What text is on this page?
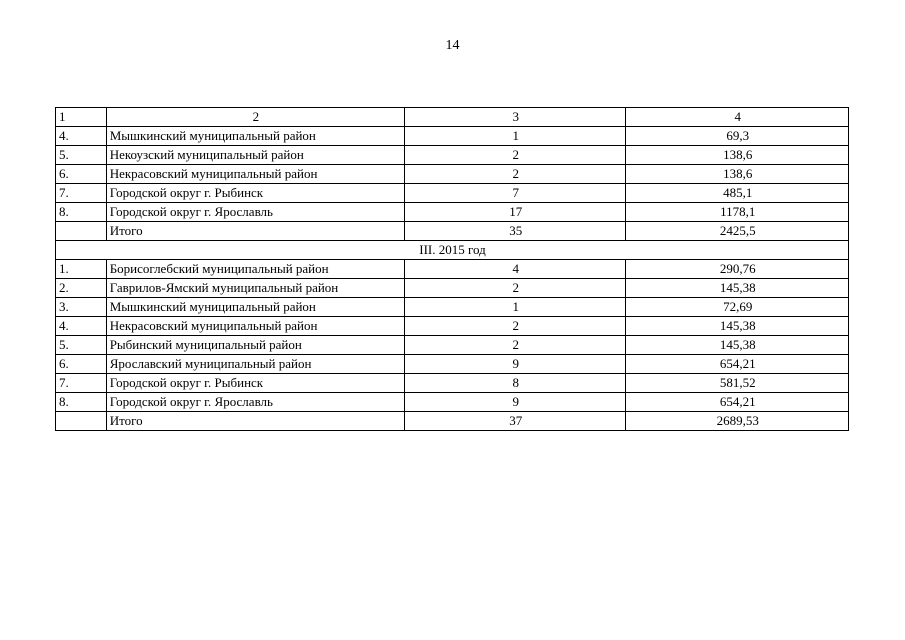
14
1	2	3	4
4.	Мышкинский муниципальный район	1	69,3
5.	Некоузский муниципальный район	2	138,6
6.	Некрасовский муниципальный район	2	138,6
7.	Городской округ г. Рыбинск	7	485,1
8.	Городской округ г. Ярославль	17	1178,1
	Итого	35	2425,5
III. 2015 год			
1.	Борисоглебский муниципальный район	4	290,76
2.	Гаврилов-Ямский муниципальный район	2	145,38
3.	Мышкинский муниципальный район	1	72,69
4.	Некрасовский муниципальный район	2	145,38
5.	Рыбинский муниципальный район	2	145,38
6.	Ярославский муниципальный район	9	654,21
7.	Городской округ г. Рыбинск	8	581,52
8.	Городской округ г. Ярославль	9	654,21
	Итого	37	2689,53
